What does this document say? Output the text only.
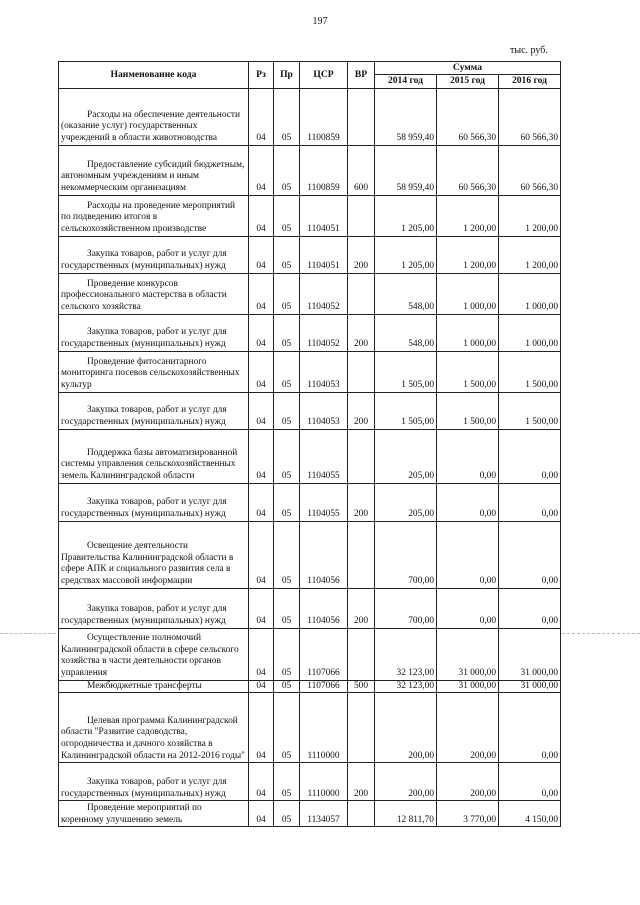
197
тыс. руб.
Наименование кода	Рз	Пр	ЦСР	ВР	Сумма		
					2014 год	2015 год	2016 год

Расходы на обеспечение деятельности (оказание услуг) государственных учреждений в области животноводства	04	05	1100859		58 959,40	60 566,30	60 566,30

Предоставление субсидий бюджетным, автономным учреждениям и иным некоммерческим организациям	04	05	1100859	600	58 959,40	60 566,30	60 566,30

Расходы на проведение мероприятий по подведению итогов в сельскохозяйственном производстве	04	05	1104051		1 205,00	1 200,00	1 200,00

Закупка товаров, работ и услуг для государственных (муниципальных) нужд	04	05	1104051	200	1 205,00	1 200,00	1 200,00

Проведение конкурсов профессионального мастерства в области сельского хозяйства	04	05	1104052		548,00	1 000,00	1 000,00

Закупка товаров, работ и услуг для государственных (муниципальных) нужд	04	05	1104052	200	548,00	1 000,00	1 000,00

Проведение фитосанитарного мониторинга посевов сельскохозяйственных культур	04	05	1104053		1 505,00	1 500,00	1 500,00

Закупка товаров, работ и услуг для государственных (муниципальных) нужд	04	05	1104053	200	1 505,00	1 500,00	1 500,00

Поддержка базы автоматизированной системы управления сельскохозяйственных земель Калининградской области	04	05	1104055		205,00	0,00	0,00

Закупка товаров, работ и услуг для государственных (муниципальных) нужд	04	05	1104055	200	205,00	0,00	0,00

Освещение деятельности Правительства Калининградской области в сфере АПК и социального развития села в средствах массовой информации	04	05	1104056		700,00	0,00	0,00

Закупка товаров, работ и услуг для государственных (муниципальных) нужд	04	05	1104056	200	700,00	0,00	0,00

Осуществление полномочий Калининградской области в сфере сельского хозяйства в части деятельности органов управления	04	05	1107066		32 123,00	31 000,00	31 000,00

Межбюджетные трансферты	04	05	1107066	500	32 123,00	31 000,00	31 000,00

Целевая программа Калининградской области "Развитие садоводства, огородничества и дачного хозяйства в Калининградской области на 2012-2016 годы"	04	05	1110000		200,00	200,00	0,00

Закупка товаров, работ и услуг для государственных (муниципальных) нужд	04	05	1110000	200	200,00	200,00	0,00

Проведение мероприятий по коренному улучшению земель	04	05	1134057		12 811,70	3 770,00	4 150,00
